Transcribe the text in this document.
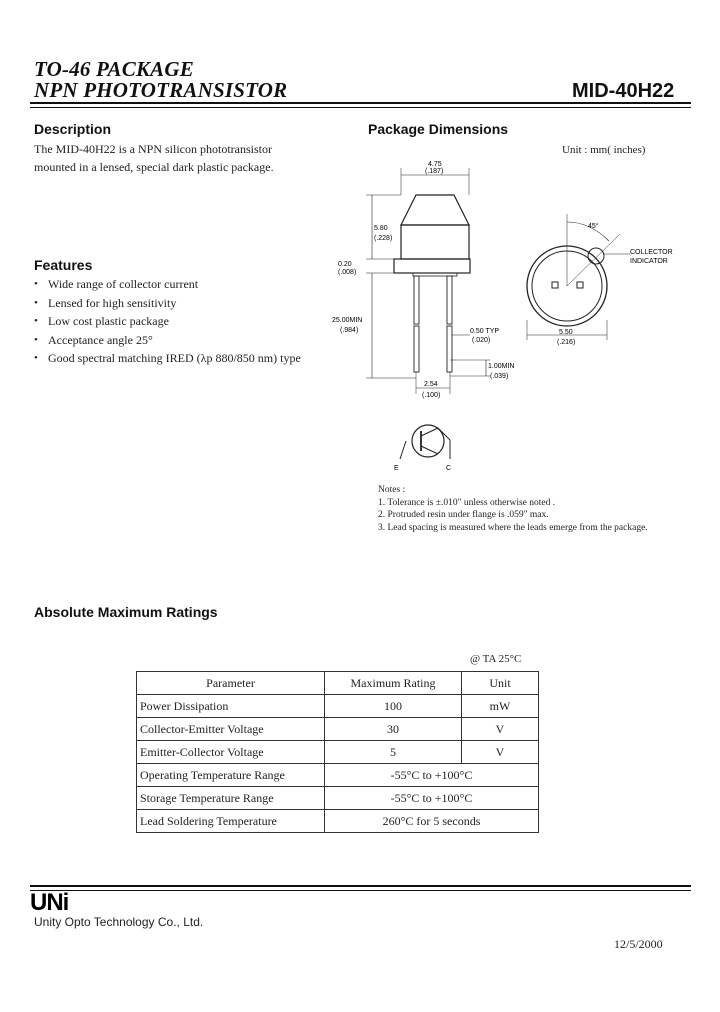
TO-46 PACKAGE
NPN PHOTOTRANSISTOR	MID-40H22
Description
The MID-40H22 is a NPN silicon phototransistor mounted in a lensed, special dark plastic package.
Features
• Wide range of collector current
• Lensed for high sensitivity
• Low cost plastic package
• Acceptance angle 25°
• Good spectral matching IRED (λp 880/850 nm) type
Package Dimensions
Unit : mm( inches)
4.75
(.187)
5.80
(.228)
0.20
(.008)
25.00MIN
(.984)	0.50 TYP
(.020)
1.00MIN
(.039)
2.54
(.100)
45°
COLLECTOR
INDICATOR
5.50
(.216)
E	C
Notes :
1. Tolerance is ±.010" unless otherwise noted .
2. Protruded resin under flange is .059" max.
3. Lead spacing is measured where the leads emerge from the package.
Absolute Maximum Ratings
@ TA 25°C
Parameter	Maximum Rating	Unit
Power Dissipation	100	mW
Collector-Emitter Voltage	30	V
Emitter-Collector Voltage	5	V
Operating Temperature Range	-55°C to +100°C	
Storage Temperature Range	-55°C to +100°C	
Lead Soldering Temperature	260°C for 5 seconds	
UNi
Unity Opto Technology Co., Ltd.
12/5/2000
